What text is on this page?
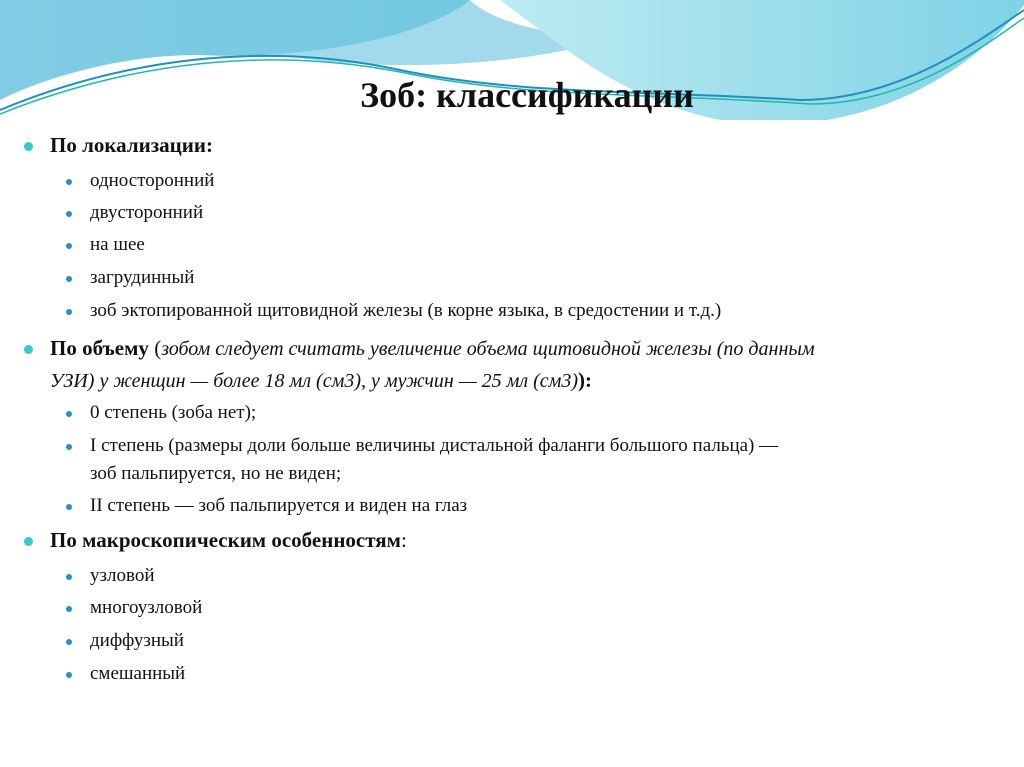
Зоб: классификации
По локализации:
односторонний
двусторонний
на шее
загрудинный
зоб эктопированной щитовидной железы (в корне языка, в средостении и т.д.)
По объему (зобом следует считать увеличение объема щитовидной железы (по данным
УЗИ) у женщин — более 18 мл (см3), у мужчин — 25 мл (см3)):
0 степень (зоба нет);
I степень (размеры доли больше величины дистальной фаланги большого пальца) —
зоб пальпируется, но не виден;
II степень — зоб пальпируется и виден на глаз
По макроскопическим особенностям:
узловой
многоузловой
диффузный
смешанный
